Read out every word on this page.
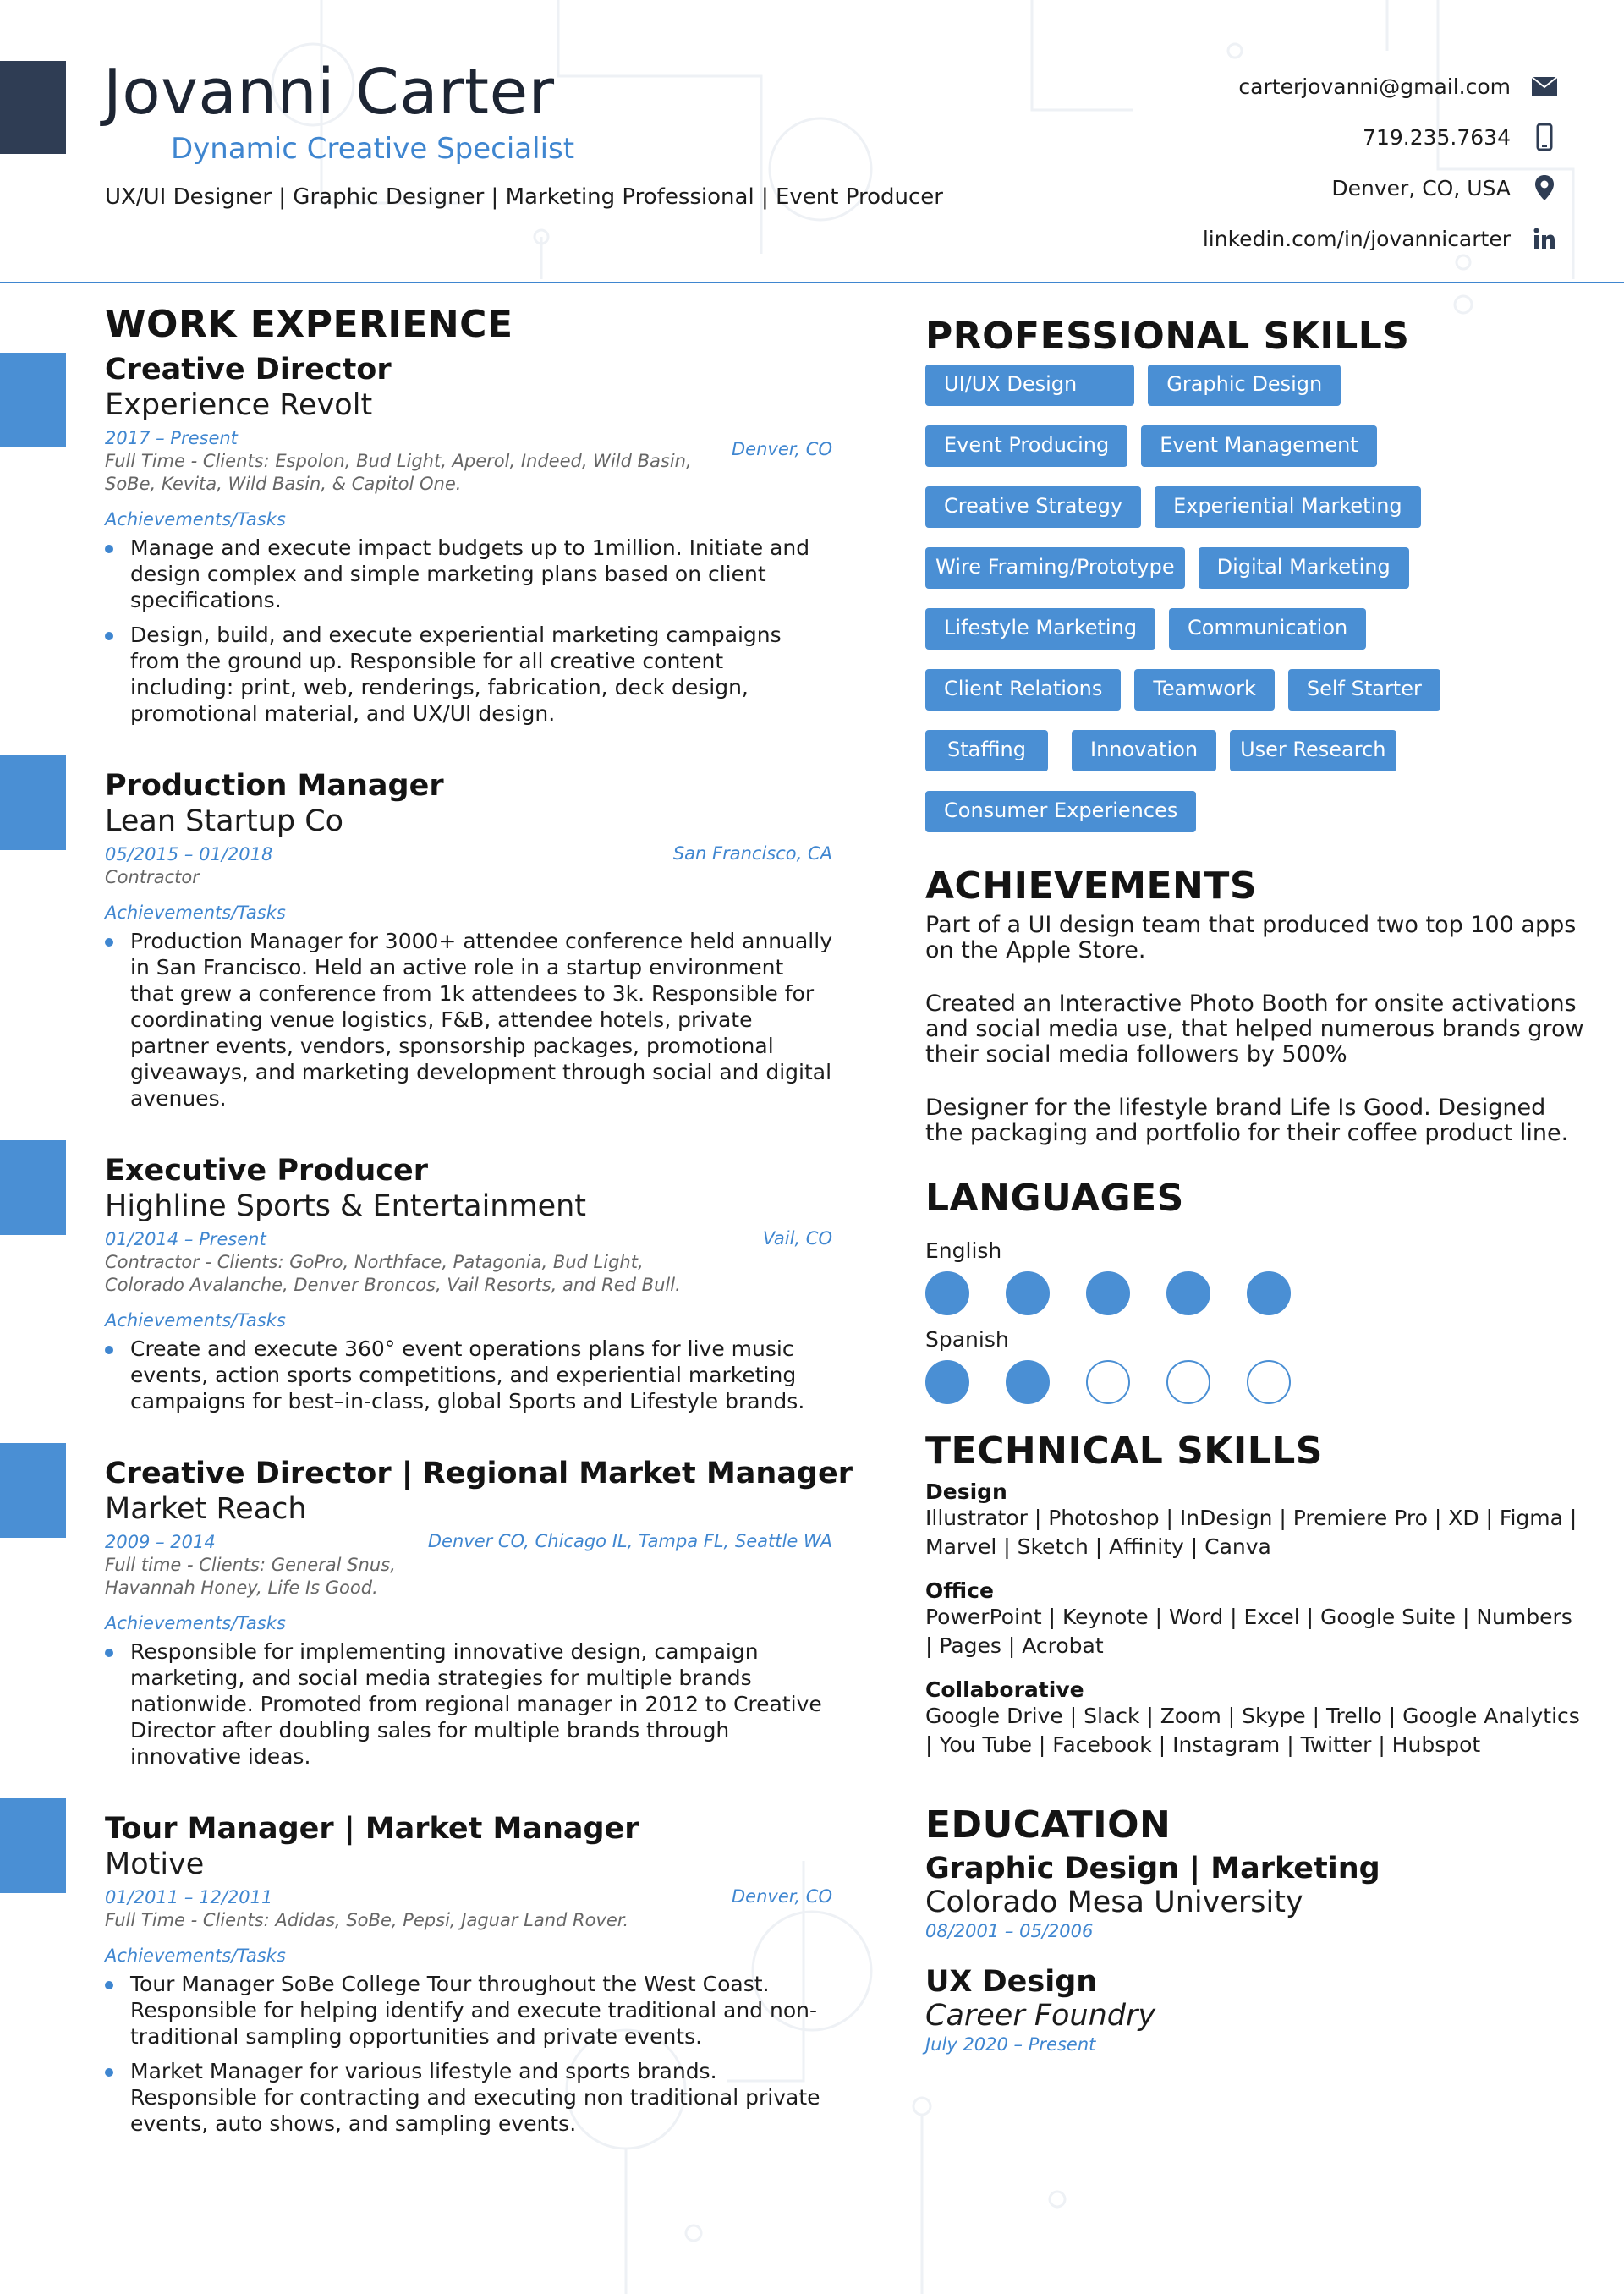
Jovanni Carter
Dynamic Creative Specialist
UX/UI Designer | Graphic Designer | Marketing Professional | Event Producer
carterjovanni@gmail.com
719.235.7634
Denver, CO, USA
linkedin.com/in/jovannicarter
WORK EXPERIENCE
Creative Director
Experience Revolt
2017 – Present
Full Time - Clients: Espolon, Bud Light, Aperol, Indeed, Wild Basin, SoBe, Kevita, Wild Basin, & Capitol One.
Denver, CO
Achievements/Tasks
Manage and execute impact budgets up to 1million. Initiate and design complex and simple marketing plans based on client specifications.
Design, build, and execute experiential marketing campaigns from the ground up. Responsible for all creative content including: print, web, renderings, fabrication, deck design, promotional material, and UX/UI design.
Production Manager
Lean Startup Co
05/2015 – 01/2018
Contractor
San Francisco, CA
Achievements/Tasks
Production Manager for 3000+ attendee conference held annually in San Francisco. Held an active role in a startup environment that grew a conference from 1k attendees to 3k. Responsible for coordinating venue logistics, F&B, attendee hotels, private partner events, vendors, sponsorship packages, promotional giveaways, and marketing development through social and digital avenues.
Executive Producer
Highline Sports & Entertainment
01/2014 – Present
Contractor - Clients: GoPro, Northface, Patagonia, Bud Light, Colorado Avalanche, Denver Broncos, Vail Resorts, and Red Bull.
Vail, CO
Achievements/Tasks
Create and execute 360° event operations plans for live music events, action sports competitions, and experiential marketing campaigns for best–in-class, global Sports and Lifestyle brands.
Creative Director | Regional Market Manager
Market Reach
2009 – 2014
Full time - Clients: General Snus, Havannah Honey, Life Is Good.
Denver CO, Chicago IL, Tampa FL, Seattle WA
Achievements/Tasks
Responsible for implementing innovative design, campaign marketing, and social media strategies for multiple brands nationwide. Promoted from regional manager in 2012 to Creative Director after doubling sales for multiple brands through innovative ideas.
Tour Manager | Market Manager
Motive
01/2011 – 12/2011
Full Time - Clients: Adidas, SoBe, Pepsi, Jaguar Land Rover.
Denver, CO
Achievements/Tasks
Tour Manager SoBe College Tour throughout the West Coast. Responsible for helping identify and execute traditional and non-traditional sampling opportunities and private events.
Market Manager for various lifestyle and sports brands. Responsible for contracting and executing non traditional private events, auto shows, and sampling events.
PROFESSIONAL SKILLS
UI/UX Design	Graphic Design
Event Producing	Event Management
Creative Strategy	Experiential Marketing
Wire Framing/Prototype	Digital Marketing
Lifestyle Marketing	Communication
Client Relations	Teamwork	Self Starter
Staffing	Innovation	User Research
Consumer Experiences
ACHIEVEMENTS

Part of a UI design team that produced two top 100 apps on the Apple Store.

Created an Interactive Photo Booth for onsite activations and social media use, that helped numerous brands grow their social media followers by 500%

Designer for the lifestyle brand Life Is Good. Designed the packaging and portfolio for their coffee product line.

LANGUAGES
English
Spanish
TECHNICAL SKILLS
Design
Illustrator | Photoshop | InDesign | Premiere Pro | XD | Figma | Marvel | Sketch | Affinity | Canva
Office
PowerPoint | Keynote | Word | Excel | Google Suite | Numbers | Pages | Acrobat
Collaborative
Google Drive | Slack | Zoom | Skype | Trello | Google Analytics | You Tube | Facebook | Instagram | Twitter | Hubspot
EDUCATION
Graphic Design | Marketing
Colorado Mesa University
08/2001 – 05/2006
UX Design
Career Foundry
July 2020 – Present
